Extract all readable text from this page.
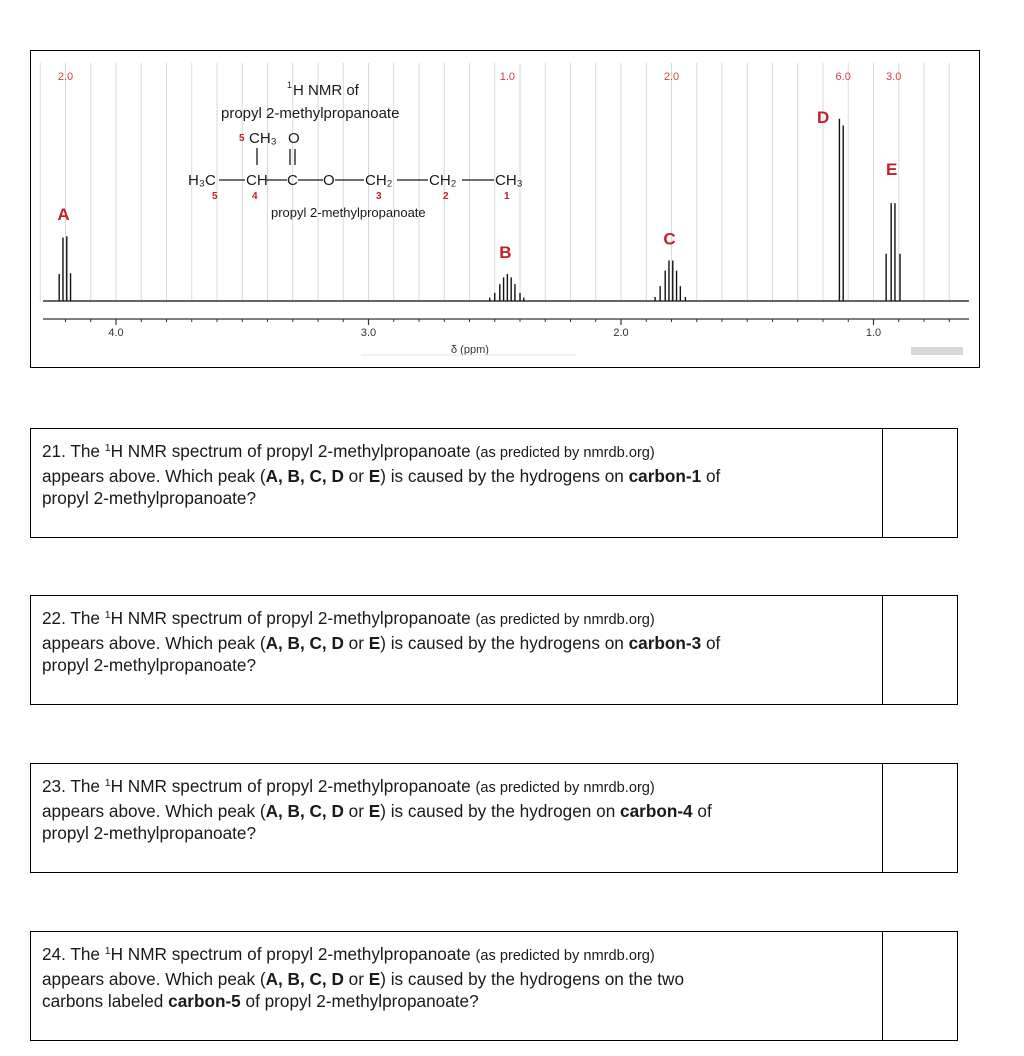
4.0	3.0	2.0	1.0
2.0	1.0	2.0	6.0	3.0
A
B
C
D
E
1 H NMR of
propyl 2-methylpropanoate
5 CH₃ O
H₃C CH C O CH₂ CH₂	CH₃
5	4	3	2	1
propyl 2-methylpropanoate
δ (ppm)
21. The $^1$H NMR spectrum of propyl 2-methylpropanoate (as predicted by nmrdb.org)
appears above. Which peak (A, B, C, D or E) is caused by the hydrogens on carbon-1 of
propyl 2-methylpropanoate?
22. The $^1$H NMR spectrum of propyl 2-methylpropanoate (as predicted by nmrdb.org)
appears above. Which peak (A, B, C, D or E) is caused by the hydrogens on carbon-3 of
propyl 2-methylpropanoate?
23. The $^1$H NMR spectrum of propyl 2-methylpropanoate (as predicted by nmrdb.org)
appears above. Which peak (A, B, C, D or E) is caused by the hydrogen on carbon-4 of
propyl 2-methylpropanoate?
24. The $^1$H NMR spectrum of propyl 2-methylpropanoate (as predicted by nmrdb.org)
appears above. Which peak (A, B, C, D or E) is caused by the hydrogens on the two
carbons labeled carbon-5 of propyl 2-methylpropanoate?
